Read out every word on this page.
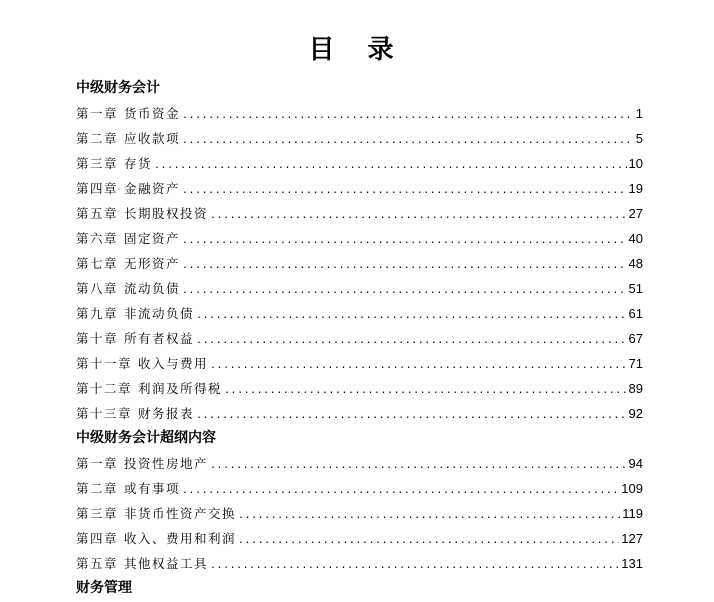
目 录
中级财务会计
第一章 货币资金 .....	1
第二章 应收款项 .....	5
第三章 存货 .....	10
第四章 金融资产 .....	19
第五章 长期股权投资 .....	27
第六章 固定资产 .....	40
第七章 无形资产 .....	48
第八章 流动负债 .....	51
第九章 非流动负债 .....	61
第十章 所有者权益 .....	67
第十一章 收入与费用 .....	71
第十二章 利润及所得税 .....	89
第十三章 财务报表 .....	92
中级财务会计超纲内容
第一章 投资性房地产 .....	94
第二章 或有事项 .....	109
第三章 非货币性资产交换 .....	119
第四章 收入、费用和利润 .....	127
第五章 其他权益工具 .....	131
财务管理
